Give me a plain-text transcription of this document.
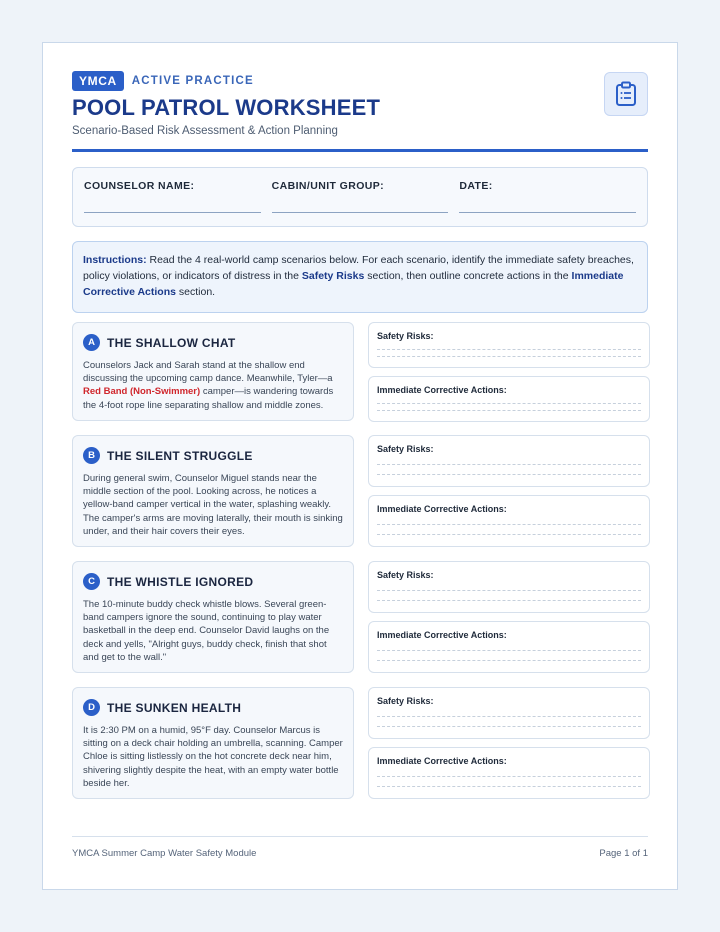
YMCA	ACTIVE PRACTICE
POOL PATROL WORKSHEET
Scenario-Based Risk Assessment & Action Planning
COUNSELOR NAME:	CABIN/UNIT GROUP:	DATE:
Instructions: Read the 4 real-world camp scenarios below. For each scenario, identify the immediate safety breaches, policy violations, or indicators of distress in the Safety Risks section, then outline concrete actions in the Immediate Corrective Actions section.
A	THE SHALLOW CHAT
Counselors Jack and Sarah stand at the shallow end discussing the upcoming camp dance. Meanwhile, Tyler—a Red Band (Non-Swimmer) camper—is wandering towards the 4-foot rope line separating shallow and middle zones.
Safety Risks:
Immediate Corrective Actions:
B	THE SILENT STRUGGLE
During general swim, Counselor Miguel stands near the middle section of the pool. Looking across, he notices a yellow-band camper vertical in the water, splashing weakly. The camper's arms are moving laterally, their mouth is sinking under, and their hair covers their eyes.
Safety Risks:
Immediate Corrective Actions:
C	THE WHISTLE IGNORED
The 10-minute buddy check whistle blows. Several green-band campers ignore the sound, continuing to play water basketball in the deep end. Counselor David laughs on the deck and yells, "Alright guys, buddy check, finish that shot and get to the wall."
Safety Risks:
Immediate Corrective Actions:
D	THE SUNKEN HEALTH
It is 2:30 PM on a humid, 95°F day. Counselor Marcus is sitting on a deck chair holding an umbrella, scanning. Camper Chloe is sitting listlessly on the hot concrete deck near him, shivering slightly despite the heat, with an empty water bottle beside her.
Safety Risks:
Immediate Corrective Actions:
YMCA Summer Camp Water Safety Module	Page 1 of 1
